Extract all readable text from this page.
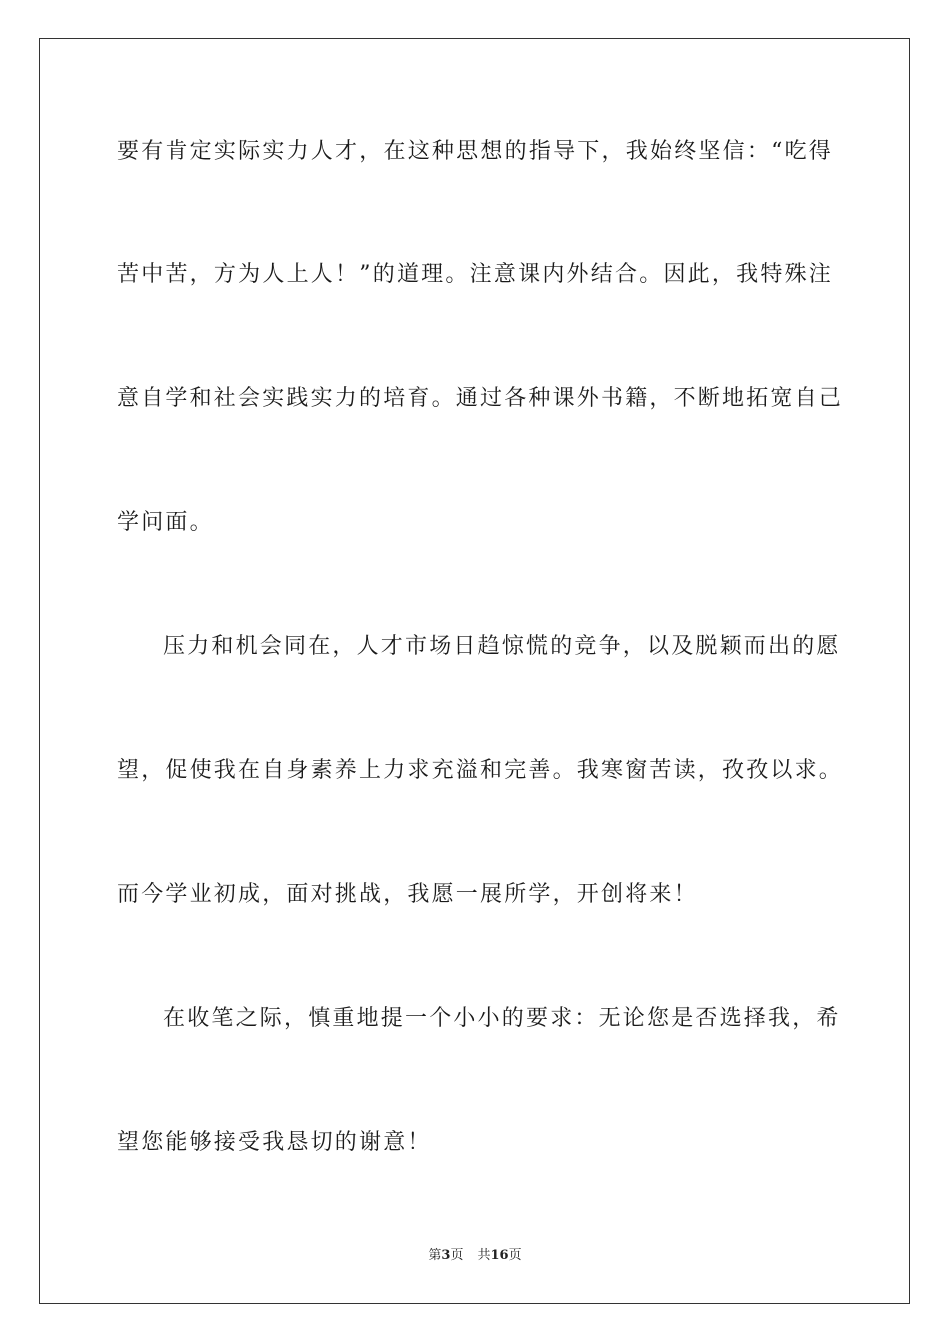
要有肯定实际实力人才，在这种思想的指导下，我始终坚信：“吃得
苦中苦，方为人上人！”的道理。注意课内外结合。因此，我特殊注
意自学和社会实践实力的培育。通过各种课外书籍，不断地拓宽自己
学问面。
压力和机会同在，人才市场日趋惊慌的竞争，以及脱颖而出的愿
望，促使我在自身素养上力求充溢和完善。我寒窗苦读，孜孜以求。
而今学业初成，面对挑战，我愿一展所学，开创将来！
在收笔之际，慎重地提一个小小的要求：无论您是否选择我，希
望您能够接受我恳切的谢意！
第3页 共16页
